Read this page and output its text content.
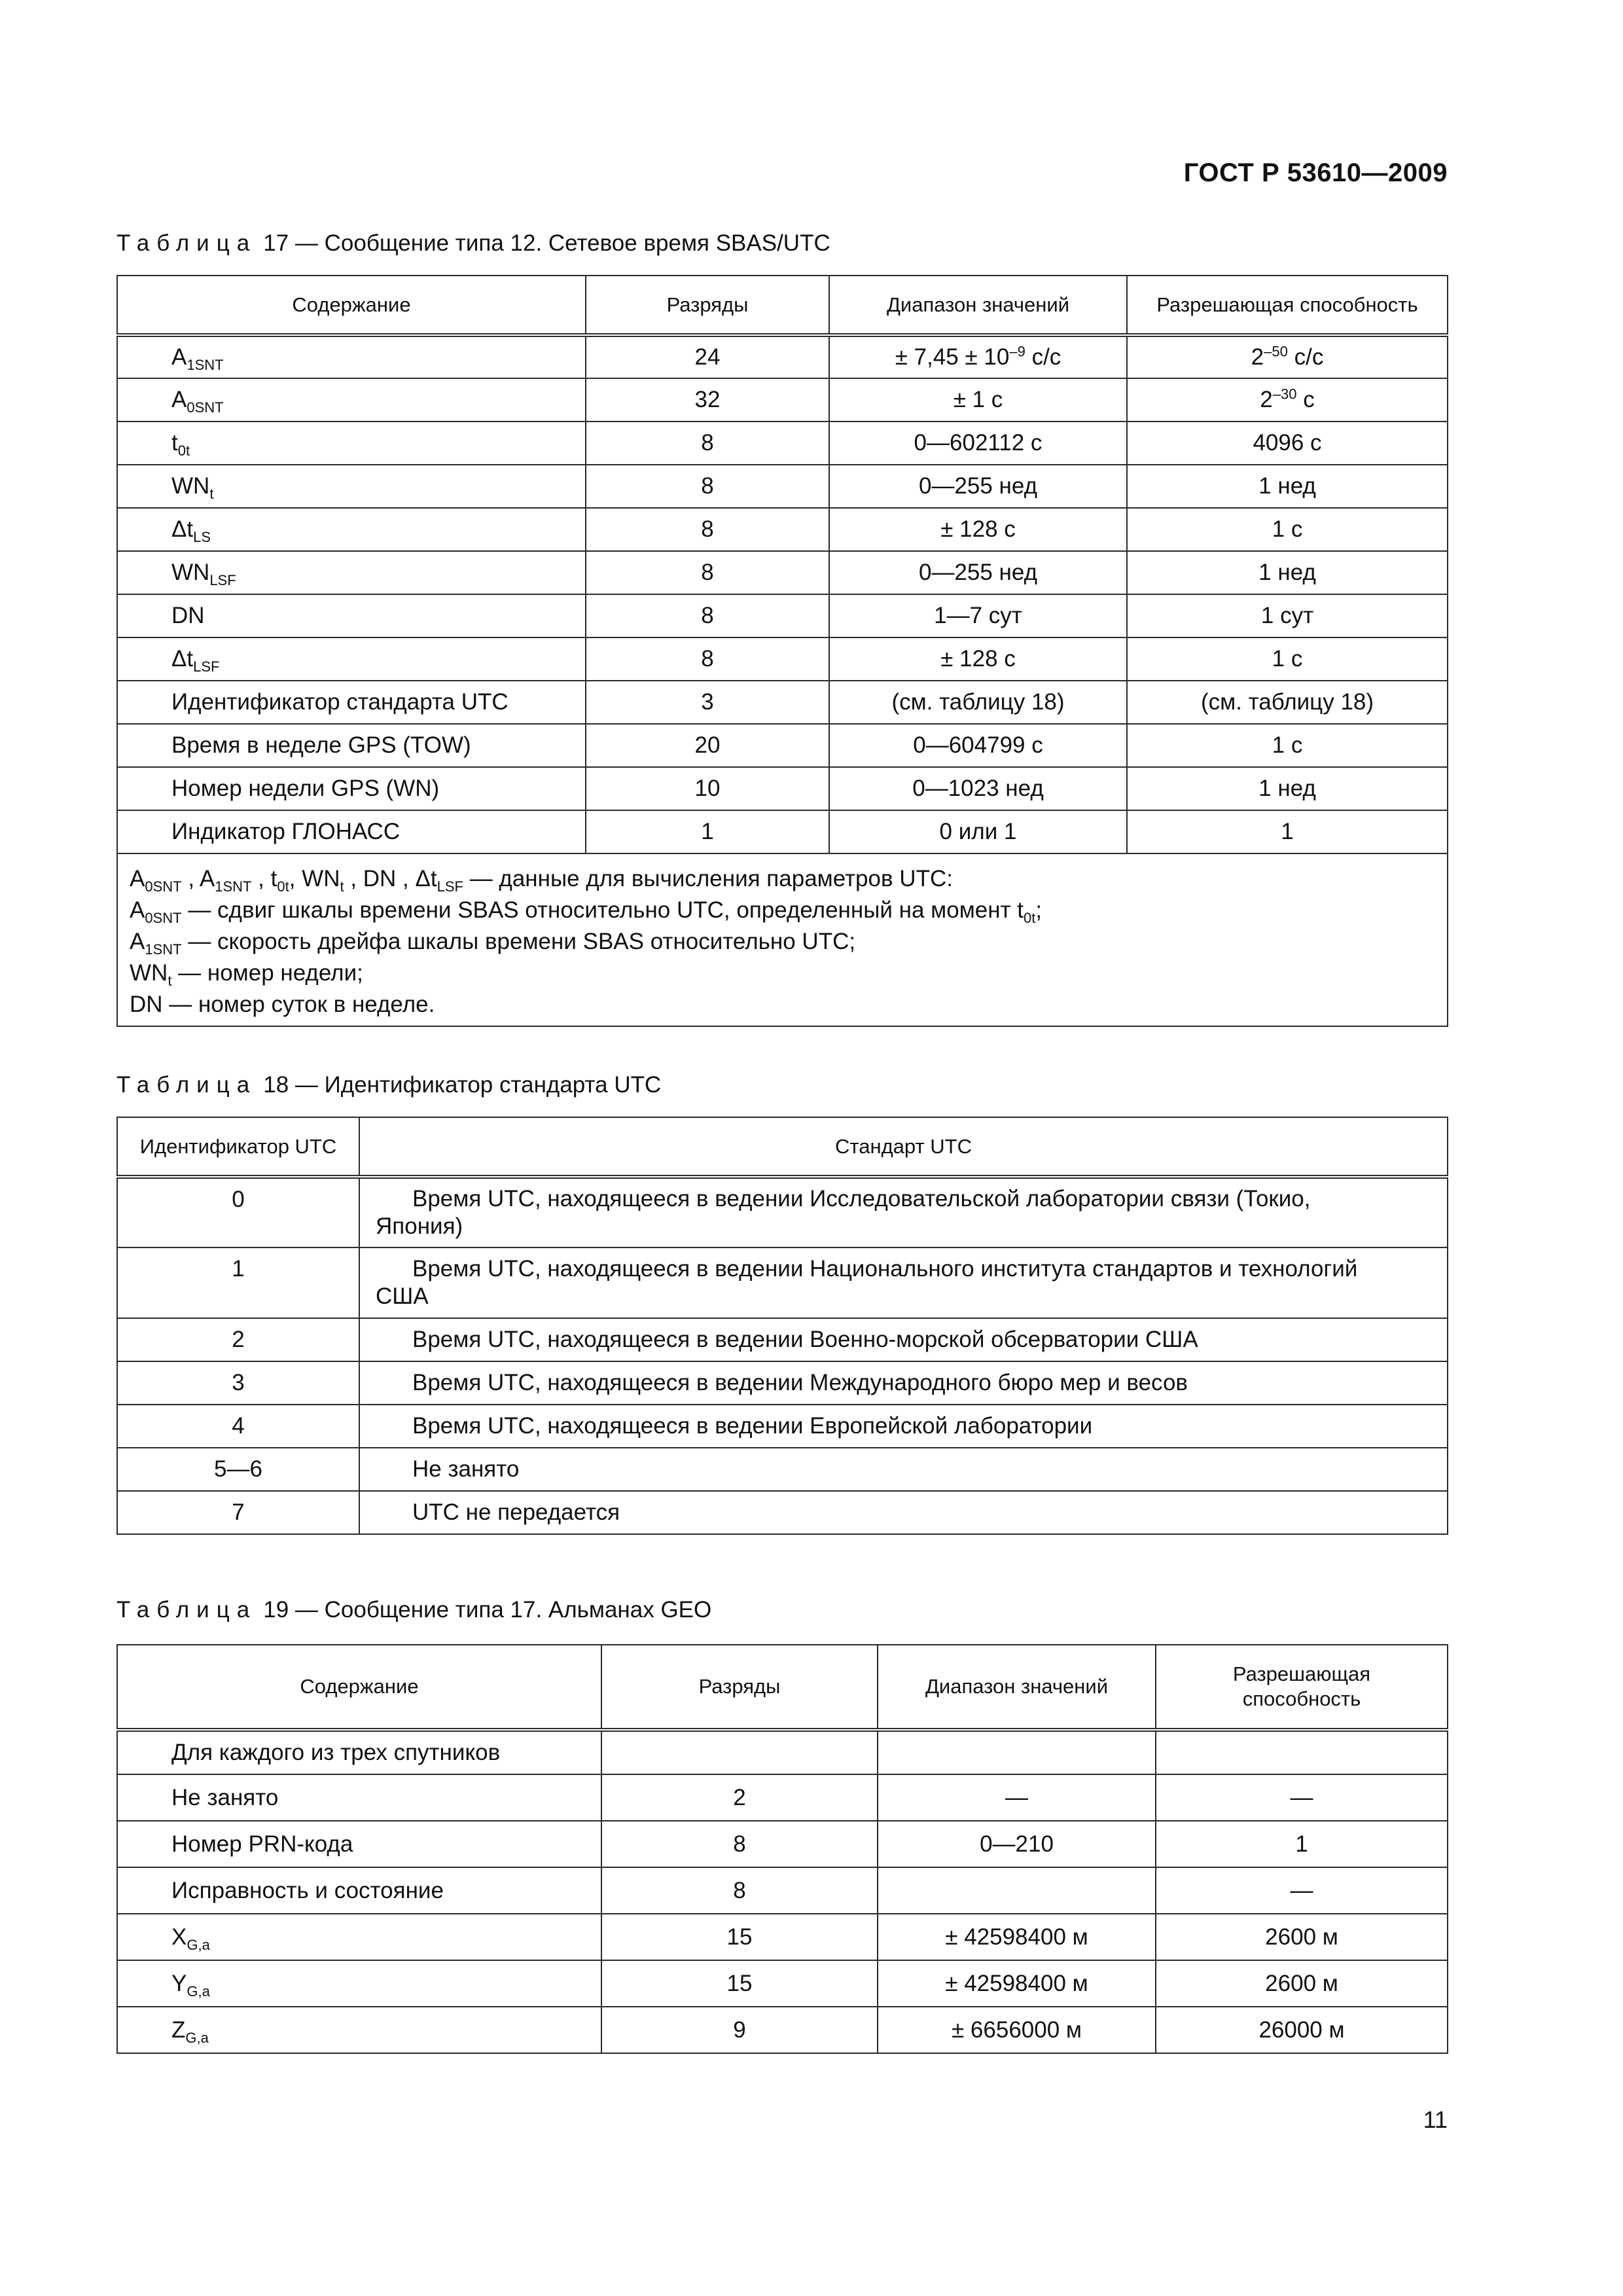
ГОСТ Р 53610—2009
Таблица 17 — Сообщение типа 12. Сетевое время SBAS/UTC
Содержание	Разряды	Диапазон значений	Разрешающая способность
$A_{1SNT}$	24	± $7,45 \pm 10^{-9}$ с/с	$2^{-50}$ с/с
$A_{0SNT}$	32	± 1 с	$2^{-30}$ с
$t_{0t}$	8	0—602112 с	4096 с
$WN_t$	8	0—255 нед	1 нед
$\Delta t_{LS}$	8	± 128 с	1 с
$WN_{LSF}$	8	0—255 нед	1 нед
DN	8	1—7 сут	1 сут
$\Delta t_{LSF}$	8	± 128 с	1 с
Идентификатор стандарта UTC	3	(см. таблицу 18)	(см. таблицу 18)
Время в неделе GPS (TOW)	20	0—604799 с	1 с
Номер недели GPS (WN)	10	0—1023 нед	1 нед
Индикатор ГЛОНАСС	1	0 или 1	1

$A_{0SNT}$ , $A_{1SNT}$ , $t_{0t}$, $WN_t$ , DN , $\Delta t_{LSF}$ — данные для вычисления параметров UTC:
$A_{0SNT}$ — сдвиг шкалы времени SBAS относительно UTC, определенный на момент $t_{0t}$;
$A_{1SNT}$ — скорость дрейфа шкалы времени SBAS относительно UTC;
$WN_t$ — номер недели;
DN — номер суток в неделе.			
Таблица 18 — Идентификатор стандарта UTC
Идентификатор UTC	Стандарт UTC
0	Время UTC, находящееся в ведении Исследовательской лаборатории связи (Токио,
Япония)
1	Время UTC, находящееся в ведении Национального института стандартов и технологий
США
2	Время UTC, находящееся в ведении Военно-морской обсерватории США
3	Время UTC, находящееся в ведении Международного бюро мер и весов
4	Время UTC, находящееся в ведении Европейской лаборатории
5—6	Не занято
7	UTC не передается
Таблица 19 — Сообщение типа 17. Альманах GEO
Содержание	Разряды	Диапазон значений	Разрешающая способность
Для каждого из трех спутников			
Не занято	2	—	—
Номер PRN-кода	8	0—210	1
Исправность и состояние	8		—
$X_{G,a}$	15	± 42598400 м	2600 м
$Y_{G,a}$	15	± 42598400 м	2600 м
$Z_{G,a}$	9	± 6656000 м	26000 м
11
